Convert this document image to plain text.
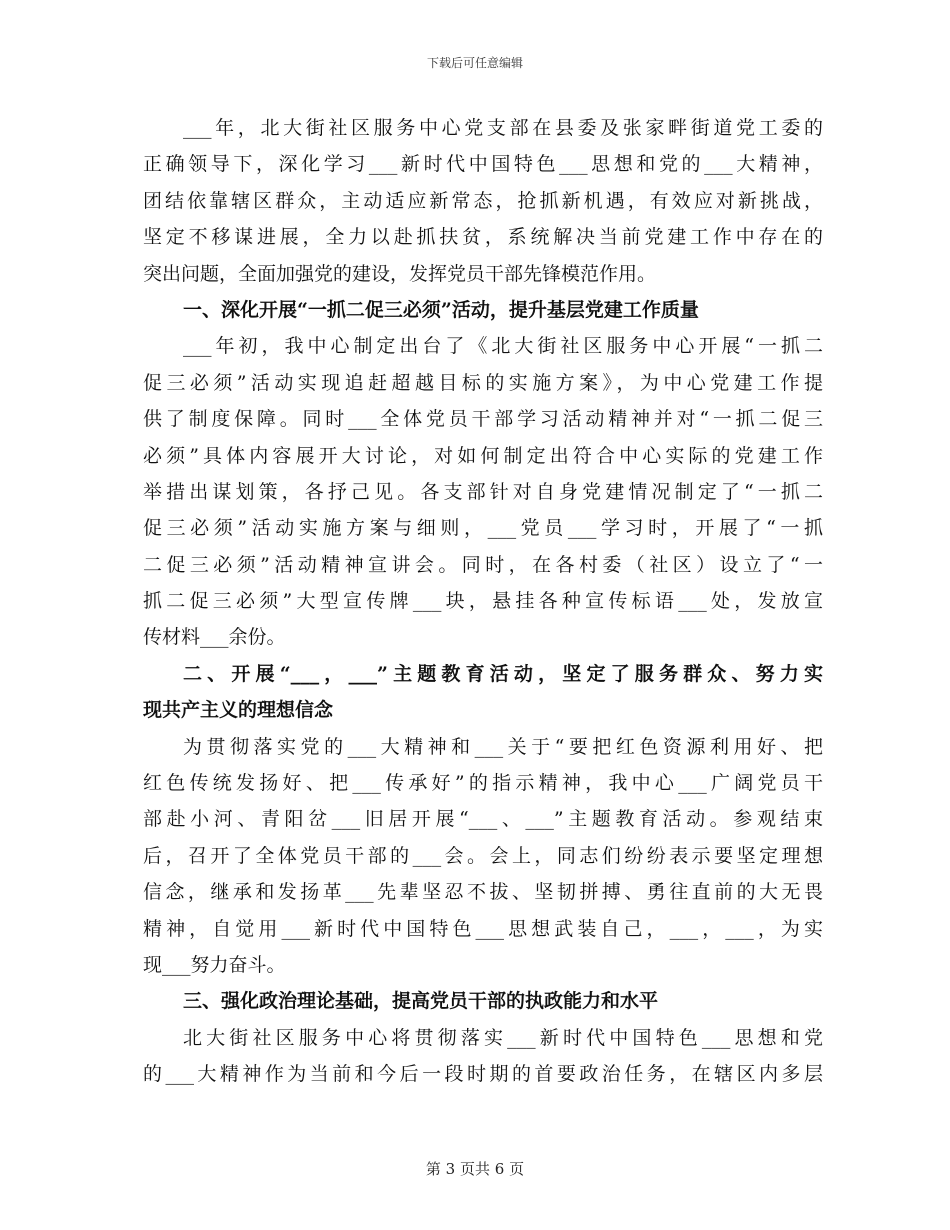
下载后可任意编辑
___年，北大街社区服务中心党支部在县委及张家畔街道党工委的
正确领导下，深化学习___新时代中国特色___思想和党的___大精神，
团结依靠辖区群众，主动适应新常态，抢抓新机遇，有效应对新挑战，
坚定不移谋进展，全力以赴抓扶贫，系统解决当前党建工作中存在的
突出问题，全面加强党的建设，发挥党员干部先锋模范作用。
一、深化开展“一抓二促三必须”活动，提升基层党建工作质量
___年初，我中心制定出台了《北大街社区服务中心开展“一抓二
促三必须”活动实现追赶超越目标的实施方案》，为中心党建工作提
供了制度保障。同时___全体党员干部学习活动精神并对“一抓二促三
必须”具体内容展开大讨论，对如何制定出符合中心实际的党建工作
举措出谋划策，各抒己见。各支部针对自身党建情况制定了“一抓二
促三必须”活动实施方案与细则，___党员___学习时，开展了“一抓
二促三必须”活动精神宣讲会。同时，在各村委（社区）设立了“一
抓二促三必须”大型宣传牌___块，悬挂各种宣传标语___处，发放宣
传材料___余份。
二、开展“___，___”主题教育活动，坚定了服务群众、努力实
现共产主义的理想信念
为贯彻落实党的___大精神和___关于“要把红色资源利用好、把
红色传统发扬好、把___传承好”的指示精神，我中心___广阔党员干
部赴小河、青阳岔___旧居开展“___、___”主题教育活动。参观结束
后，召开了全体党员干部的___会。会上，同志们纷纷表示要坚定理想
信念，继承和发扬革___先辈坚忍不拔、坚韧拼搏、勇往直前的大无畏
精神，自觉用___新时代中国特色___思想武装自己，___，___，为实
现___努力奋斗。
三、强化政治理论基础，提高党员干部的执政能力和水平
北大街社区服务中心将贯彻落实___新时代中国特色___思想和党
的___大精神作为当前和今后一段时期的首要政治任务，在辖区内多层
第 3 页共 6 页
